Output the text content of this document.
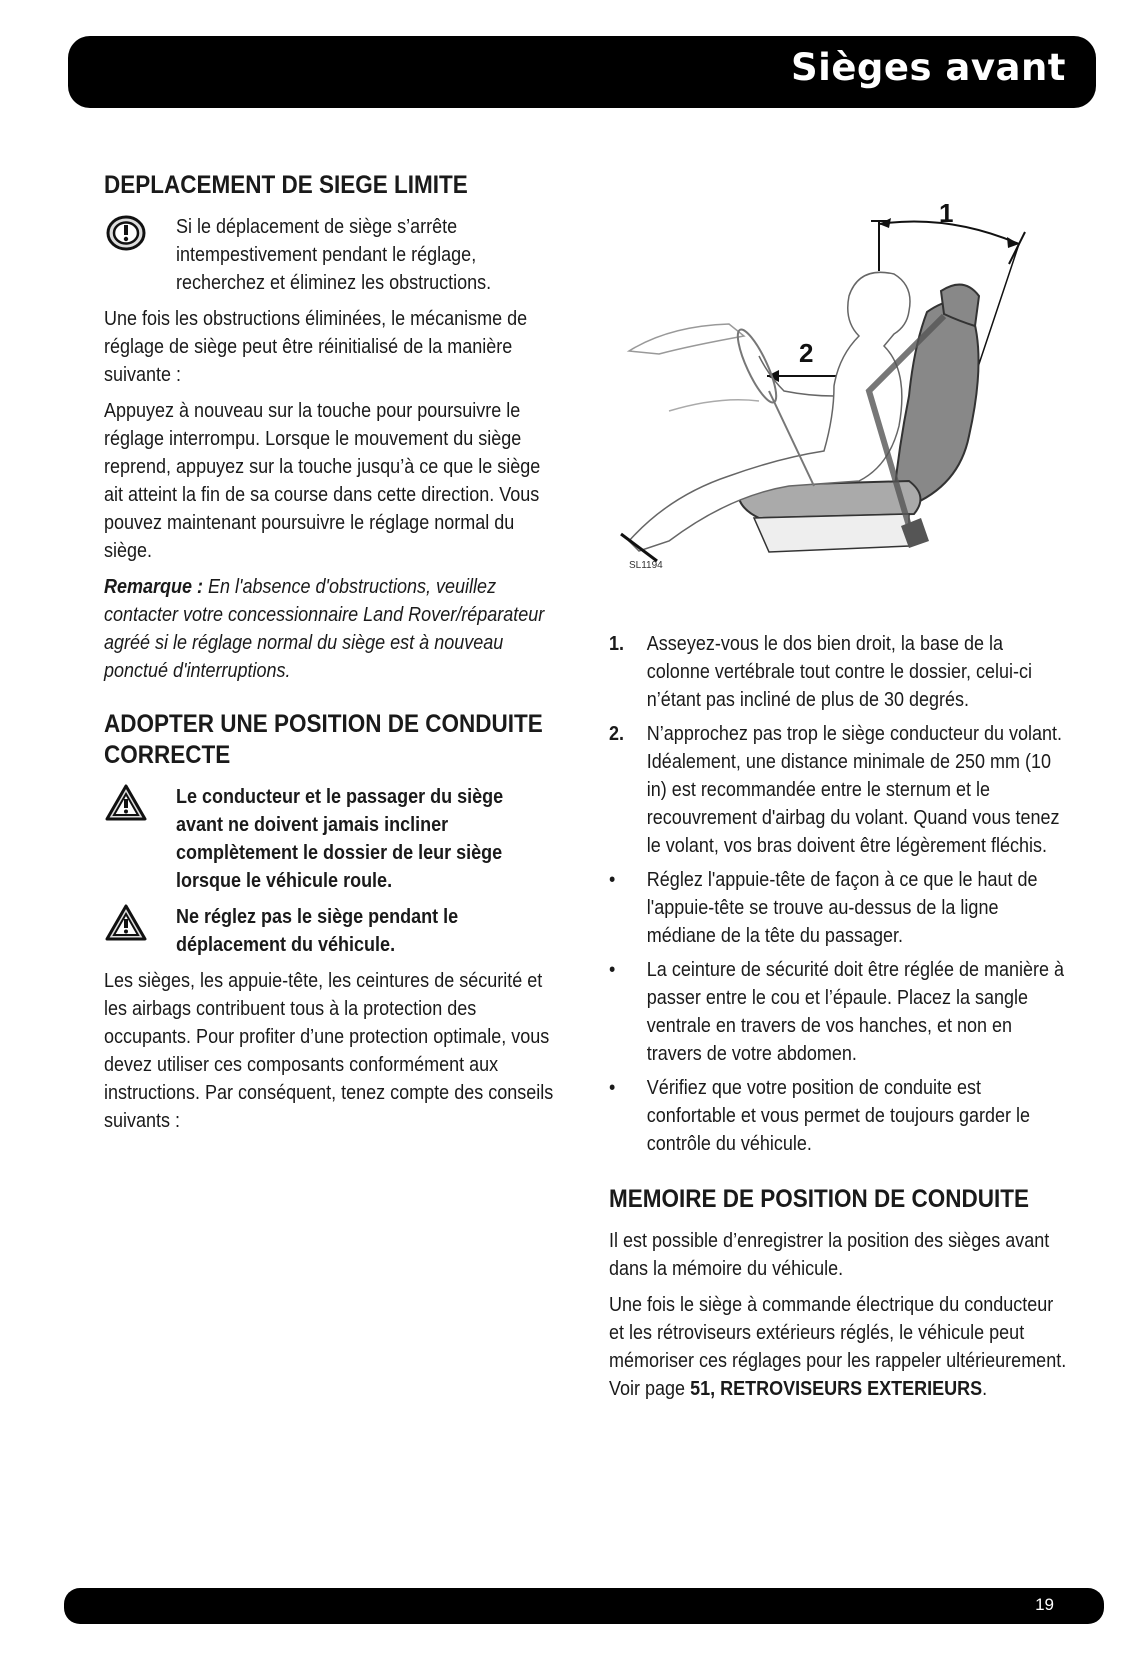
Sièges avant
DEPLACEMENT DE SIEGE LIMITE
Si le déplacement de siège s’arrête intempestivement pendant le réglage, recherchez et éliminez les obstructions.

Une fois les obstructions éliminées, le mécanisme de réglage de siège peut être réinitialisé de la manière suivante :

Appuyez à nouveau sur la touche pour poursuivre le réglage interrompu. Lorsque le mouvement du siège reprend, appuyez sur la touche jusqu’à ce que le siège ait atteint la fin de sa course dans cette direction. Vous pouvez maintenant poursuivre le réglage normal du siège.

Remarque : En l'absence d'obstructions, veuillez contacter votre concessionnaire Land Rover/réparateur agréé si le réglage normal du siège est à nouveau ponctué d'interruptions.

ADOPTER UNE POSITION DE CONDUITE
CORRECTE
Le conducteur et le passager du siège avant ne doivent jamais incliner complètement le dossier de leur siège lorsque le véhicule roule.
Ne réglez pas le siège pendant le déplacement du véhicule.

Les sièges, les appuie-tête, les ceintures de sécurité et les airbags contribuent tous à la protection des occupants. Pour profiter d’une protection optimale, vous devez utiliser ces composants conformément aux instructions. Par conséquent, tenez compte des conseils suivants :

1
2
SL1194
1.	Asseyez-vous le dos bien droit, la base de la colonne vertébrale tout contre le dossier, celui-ci n’étant pas incliné de plus de 30 degrés.
2.	N’approchez pas trop le siège conducteur du volant. Idéalement, une distance minimale de 250 mm (10 in) est recommandée entre le sternum et le recouvrement d'airbag du volant. Quand vous tenez le volant, vos bras doivent être légèrement fléchis.
•	Réglez l'appuie-tête de façon à ce que le haut de l'appuie-tête se trouve au-dessus de la ligne médiane de la tête du passager.
•	La ceinture de sécurité doit être réglée de manière à passer entre le cou et l’épaule. Placez la sangle ventrale en travers de vos hanches, et non en travers de votre abdomen.
•	Vérifiez que votre position de conduite est confortable et vous permet de toujours garder le contrôle du véhicule.
MEMOIRE DE POSITION DE CONDUITE

Il est possible d’enregistrer la position des sièges avant dans la mémoire du véhicule.

Une fois le siège à commande électrique du conducteur et les rétroviseurs extérieurs réglés, le véhicule peut mémoriser ces réglages pour les rappeler ultérieurement. Voir page 51, RETROVISEURS EXTERIEURS.

19
